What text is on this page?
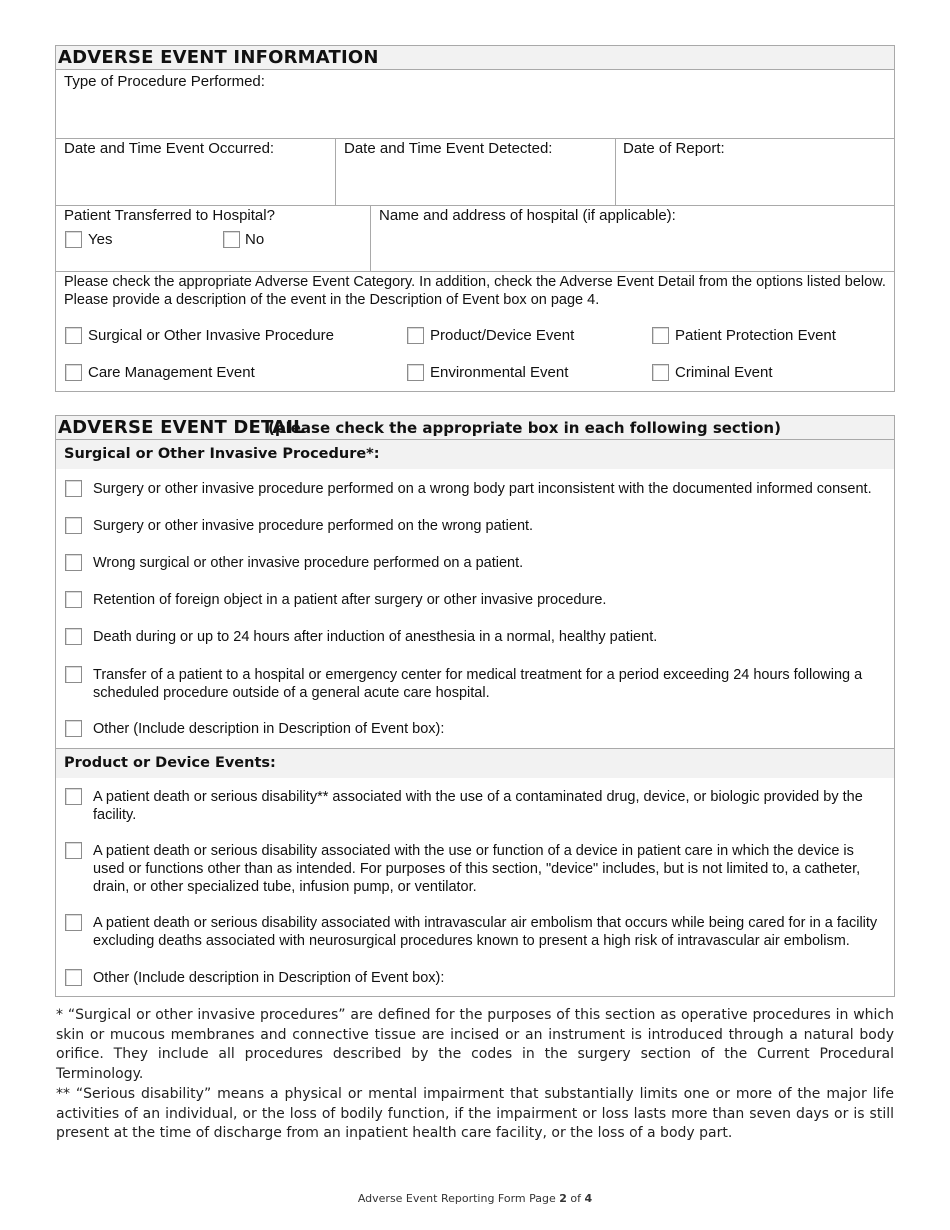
ADVERSE EVENT INFORMATION
Type of Procedure Performed:
Date and Time Event Occurred:	Date and Time Event Detected:	Date of Report:
Patient Transferred to Hospital?
Yes	No
Name and address of hospital (if applicable):
Please check the appropriate Adverse Event Category. In addition, check the Adverse Event Detail from the options listed below. Please provide a description of the event in the Description of Event box on page 4.
Surgical or Other Invasive Procedure	Product/Device Event	Patient Protection Event
Care Management Event	Environmental Event	Criminal Event
ADVERSE EVENT DETAIL
(please check the appropriate box in each following section)
Surgical or Other Invasive Procedure*:
Surgery or other invasive procedure performed on a wrong body part inconsistent with the documented informed consent.
Surgery or other invasive procedure performed on the wrong patient.
Wrong surgical or other invasive procedure performed on a patient.
Retention of foreign object in a patient after surgery or other invasive procedure.
Death during or up to 24 hours after induction of anesthesia in a normal, healthy patient.
Transfer of a patient to a hospital or emergency center for medical treatment for a period exceeding 24 hours following a scheduled procedure outside of a general acute care hospital.
Other (Include description in Description of Event box):
Product or Device Events:
A patient death or serious disability** associated with the use of a contaminated drug, device, or biologic provided by the facility.
A patient death or serious disability associated with the use or function of a device in patient care in which the device is used or functions other than as intended. For purposes of this section, "device" includes, but is not limited to, a catheter, drain, or other specialized tube, infusion pump, or ventilator.
A patient death or serious disability associated with intravascular air embolism that occurs while being cared for in a facility excluding deaths associated with neurosurgical procedures known to present a high risk of intravascular air embolism.
Other (Include description in Description of Event box):
* “Surgical or other invasive procedures” are defined for the purposes of this section as operative procedures in which skin or mucous membranes and connective tissue are incised or an instrument is introduced through a natural body orifice. They include all procedures described by the codes in the surgery section of the Current Procedural Terminology.
** “Serious disability” means a physical or mental impairment that substantially limits one or more of the major life activities of an individual, or the loss of bodily function, if the impairment or loss lasts more than seven days or is still present at the time of discharge from an inpatient health care facility, or the loss of a body part.
Adverse Event Reporting Form Page 2 of 4
